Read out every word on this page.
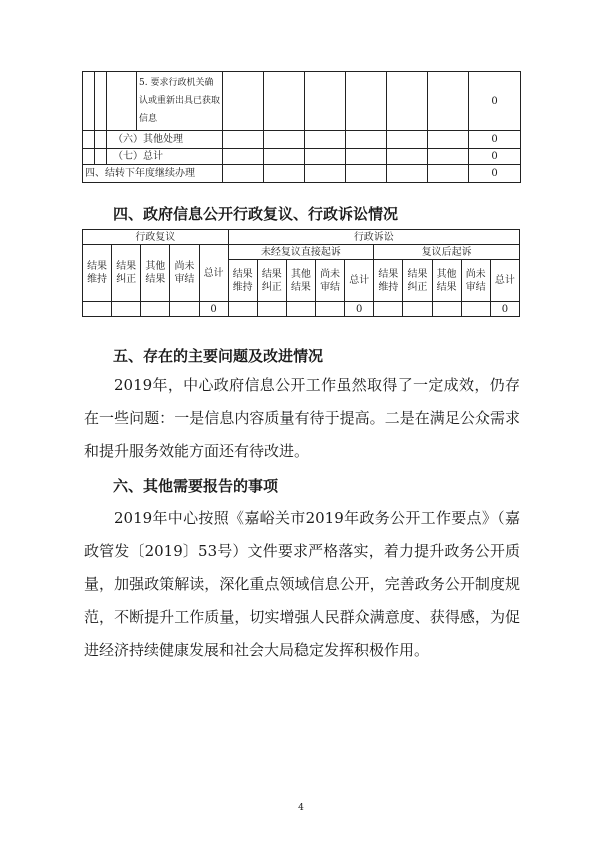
			5. 要求行政机关确认或重新出具已获取信息							0
		（六）其他处理								0
		（七）总计								0
四、结转下年度继续办理										0
四、政府信息公开行政复议、行政诉讼情况
行政复议					行政诉讼									
结果维持	结果纠正	其他结果	尚未审结	总计	未经复议直接起诉					复议后起诉				
					结果维持	结果纠正	其他结果	尚未审结	总计	结果维持	结果纠正	其他结果	尚未审结	总计
				0					0					0
五、存在的主要问题及改进情况

2019年，中心政府信息公开工作虽然取得了一定成效，仍存在一些问题：一是信息内容质量有待于提高。二是在满足公众需求和提升服务效能方面还有待改进。

六、其他需要报告的事项

2019年中心按照《嘉峪关市2019年政务公开工作要点》（嘉政管发〔2019〕53号）文件要求严格落实，着力提升政务公开质量，加强政策解读，深化重点领域信息公开，完善政务公开制度规范，不断提升工作质量，切实增强人民群众满意度、获得感，为促进经济持续健康发展和社会大局稳定发挥积极作用。

4
